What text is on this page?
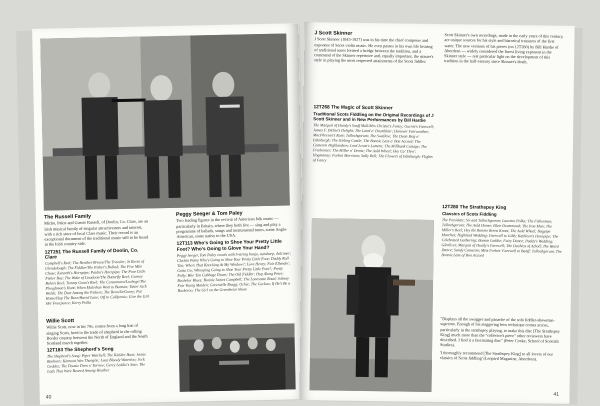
The Russell Family

Micho, Pakie and Gussie Russell, of Doolin, Co. Clare, are an Irish musical family of singular attractiveness and interest, with a rich store of local Clare music. Their record is an exceptional document of the traditional music still to be heard in the Irish country-side.

12T251 The Russell Family of Doolin, Co. Clare

Campbell's Reel; The Heather Breeze/The Traveler; St Kevin of Glendalough; The Fiddler/The Fisher's Ballad; The Five Mile Chase; Kenneth's Hornpipe; Paidin's Hornpipe; The Poor Little Fisher Boy; The Wake of Lisadoon/The Butterfly Reel; Gurney Bohn's Reel; Tommy Gunn's Reel; The Connemara/Lochoge/The Ploughman's Hunt; When Mulvihan Went to Bunnan; Tatter Jack Walsh; The Dart Among the Fishers; The Reveilie/Gorey; Put Home/Hop The Barn/Hared Lane; Off to California; Give the Girl Her Fourpence; Kerry Polka

Willie Scott

Willie Scott, now in his 70s, comes from a long line of singing Scots, bred to the trade of shepherd in the rolling Border country between the North of England and the South Scotland march together.

12T183 The Shepherd's Song

The Shepherd's Song; Piper Watchell; The Kielder Hunt; Jamie Raeburn; Kinmont Wee Thanglie; Lean Bloody Waterloo; Jock Geddes; The Douzie Dens o' Yarrow; Gerry Leddie's Stae; The Lads That Were Reared Among Heather

Peggy Seeger & Tom Paley

Two leading figures in the revival of American folk music — particularly in Britain, where they both live — sing and play a programme of ballads, songs and instrumental tunes, some Anglo-American, some native to the USA.

12T113 Who's Going to Shoe Your Pretty Little Foot? Who's Going to Glove Your Hand?

Peggy Seeger, Tom Paley vocals with 5-string banjo, autoharp, dulcimer; Cluckin Paley Who's Going to Shoe Your Pretty Little Foot; Daddy Roll 'Em; Who's That Knocking At My Window?; Love Henry; Fair Ellender; Gotta Go; Whooping Going to Shoe Your Pretty Little Foot?; Pretty Polly; Bile 'Em Cabbage Down; The Old Fiddler; Hop Along Peter; Bachelor Blues; Bonnie James Campbell; The Lonesome Road; Johnny Fair Young Maiden; Greenville Bragg; Ochie; The Cuckoo; If He's Be a Buckeroo; The Girl on the Greenbriar Shore

40
J Scott Skinner

J Scott Skinner (1843-1927) was in his time the chief composer and exponent of Scots violin music. He even passes in his own life hearing of traditional tunes formed a bridge between the tradition, and a command of the Skinner repertoire and, equally important, the master's style in playing the most respected attainments of the Scots fiddler. Scott Skinner's own recordings, made in the early years of this century, are unique sources for his style and historical treasures of the first water. The new versions of his pieces (on 12T280) by Bill Hardie of Aberdeen — widely considered the finest living exponent in the Skinner style — rest particular light on the development of this tradition in the half-century since Skinner's death.

12T268 The Magic of Scott Skinner

Traditional Scots Fiddling on the Original Recordings of J Scott Skinner and in New Performances by Bill Hardie

The Marquis of Huntly's Snuff Mull/Mrs Christie's Fancy; Gurnie's Farewell; James F. Dickie's Delight; The Laird o' Drumblair; Hanover Fairweather; MacPherson's Rant; Tullochgorum; The Swallow; The Dean Brig o' Edinburgh; The Stirling Castle; The Bonnie Lass o' Bon Accord; The Cameron Highlanders; Lord Lovat's Lament; The Millbank Cottage; The Freebooter; The Miller o' Drone; The Auld Wheel; Hey Ca' Thro'; Hogmanay; Forbes Morrison; Sally Bell; The Flowers of Edinburgh; Flights of Fancy

12T280 The Strathspey King

Classics of Scots Fiddling

The President; Sir and Tullochgorum; Laurette Polka; The Fisherman; Tullochgorum; The Auld Hoose; Blair Drummond; The Iron Man; The Miller's Reel; Hey the Bonnie Breist Knots; The Auld Wheel; Bagpipe Marches; Highland Wedding; Farewell to Gibb; Kathleen's Hornpipe; The Celebrated Gathering; Bonnie Laddie; Fairy Dance; Paddy's Wedding; Glenlivet; Marquis of Huntly's Farewell; The Duchess of Atholl; The Weird Dance; Sandy Cameron; Miss Forbes' Farewell to Banff; Tullochgorum; The Bonnie Lass of Bon Accord

"Displays all the swagger and panache of the solo fiddler-showman-supremo. Enough of his staggering bow technique comes across, particularly in the strathspey playing, to make this disc [The Strathspey King] much more than the "collector's piece" other reviewers have described. I find it a fascinating disc" (Peter Cooke, School of Scottish Studies).

'I thoroughly recommend [The Strathspey King] to all lovers of our classics of Scots fiddling' (Leopard Magazine, Aberdeen).

41
